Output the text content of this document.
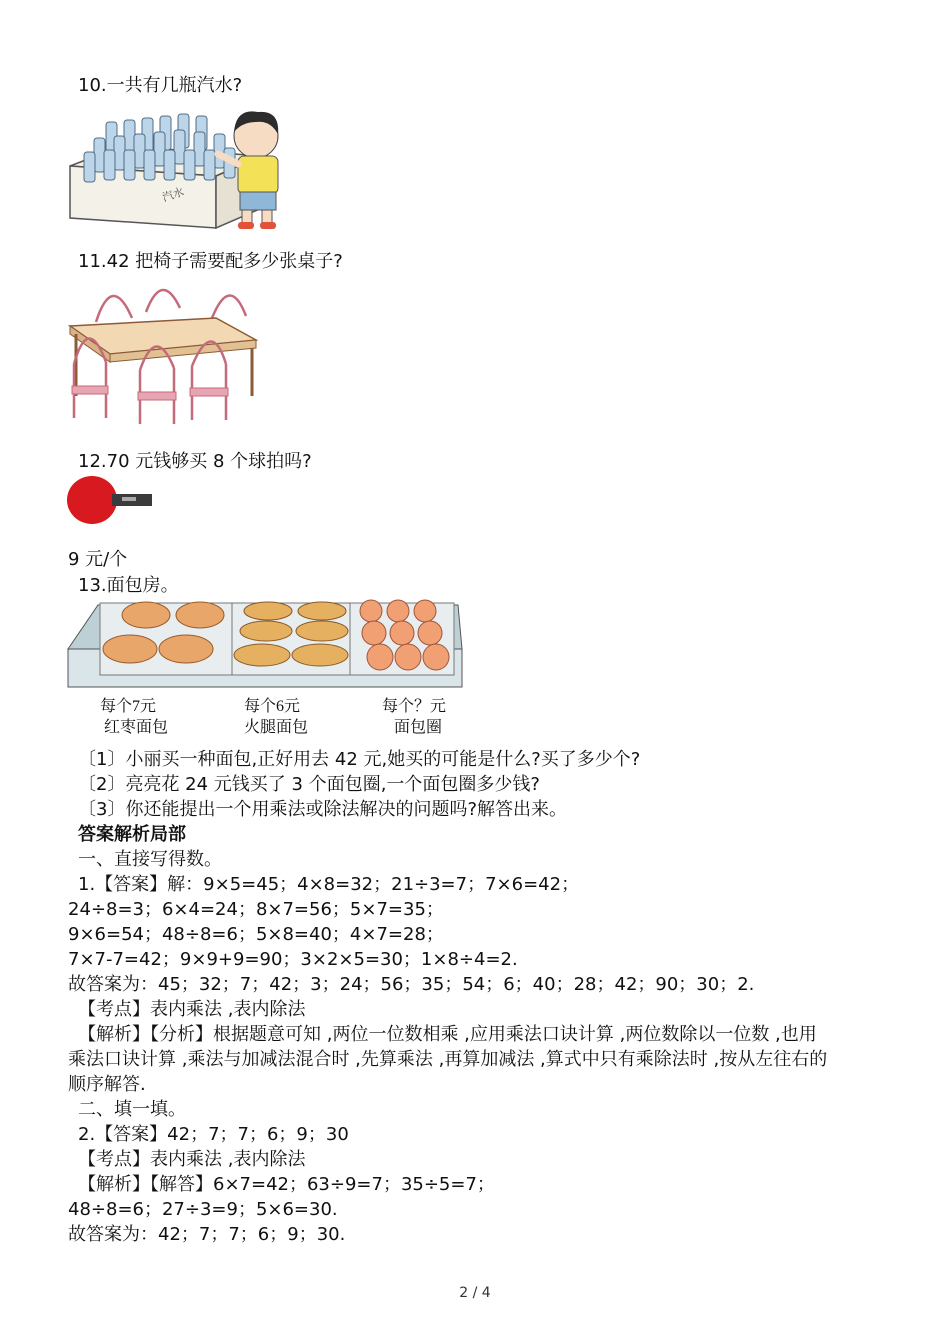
10.一共有几瓶汽水?
汽水
11.42 把椅子需要配多少张桌子?
12.70 元钱够买 8 个球拍吗?
9 元/个
13.面包房。
每个7元
红枣面包
每个6元
火腿面包
每个？元
面包圈
〔1〕小丽买一种面包,正好用去 42 元,她买的可能是什么?买了多少个?
〔2〕亮亮花 24 元钱买了 3 个面包圈,一个面包圈多少钱?
〔3〕你还能提出一个用乘法或除法解决的问题吗?解答出来。
答案解析局部
一、直接写得数。
1.【答案】解：9×5=45；4×8=32；21÷3=7；7×6=42；
24÷8=3；6×4=24；8×7=56；5×7=35；
9×6=54；48÷8=6；5×8=40；4×7=28；
7×7-7=42；9×9+9=90；3×2×5=30；1×8÷4=2.
故答案为：45；32；7；42；3；24；56；35；54；6；40；28；42；90；30；2.
【考点】表内乘法 ,表内除法
【解析】【分析】根据题意可知 ,两位一位数相乘 ,应用乘法口诀计算 ,两位数除以一位数 ,也用
乘法口诀计算 ,乘法与加减法混合时 ,先算乘法 ,再算加减法 ,算式中只有乘除法时 ,按从左往右的
顺序解答.
二、填一填。
2.【答案】42；7；7；6；9；30
【考点】表内乘法 ,表内除法
【解析】【解答】6×7=42；63÷9=7；35÷5=7；
48÷8=6；27÷3=9；5×6=30.
故答案为：42；7；7；6；9；30.
2 / 4
